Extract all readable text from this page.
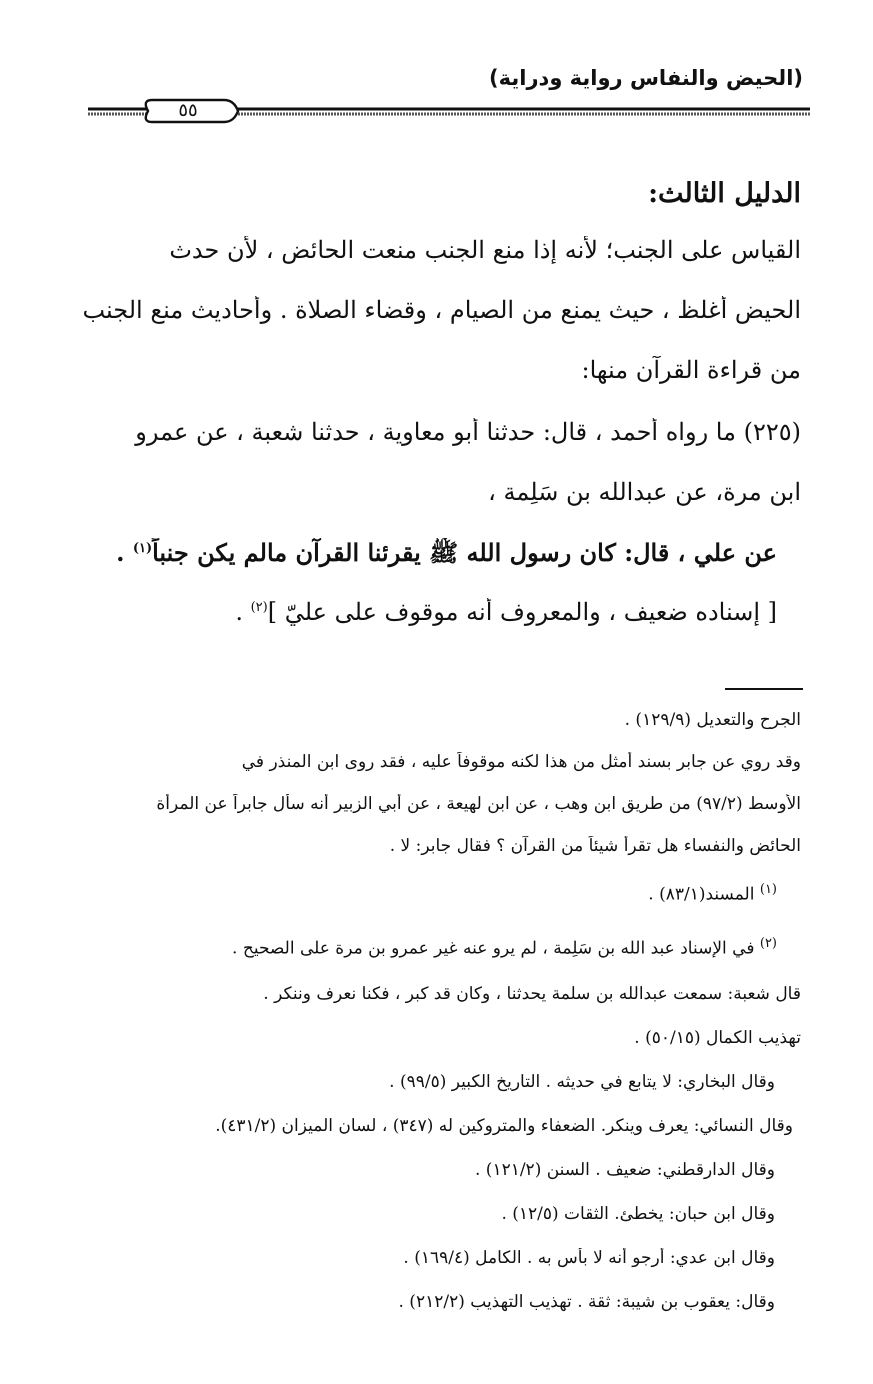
(الحيض والنفاس رواية ودراية)
٥٥
الدليل الثالث:
القياس على الجنب؛ لأنه إذا منع الجنب منعت الحائض ، لأن حدث
الحيض أغلظ ، حيث يمنع من الصيام ، وقضاء الصلاة . وأحاديث منع الجنب
من قراءة القرآن منها:
(٢٢٥) ما رواه أحمد ، قال: حدثنا أبو معاوية ، حدثنا شعبة ، عن عمرو
ابن مرة، عن عبدالله بن سَلِمة ،
عن علي ، قال: كان رسول الله ﷺ يقرئنا القرآن مالم يكن جنباً$^{(١)}$ .
[ إسناده ضعيف ، والمعروف أنه موقوف على عليّ ]$^{(٢)}$ .
الجرح والتعديل (١٢٩/٩) .
وقد روي عن جابر بسند أمثل من هذا لكنه موقوفاً عليه ، فقد روى ابن المنذر في
الأوسط (٩٧/٢) من طريق ابن وهب ، عن ابن لهيعة ، عن أبي الزبير أنه سأل جابراً عن المرأة
الحائض والنفساء هل تقرأ شيئاً من القرآن ؟ فقال جابر: لا .
$^{(١)}$ المسند(٨٣/١) .
$^{(٢)}$ في الإسناد عبد الله بن سَلِمة ، لم يرو عنه غير عمرو بن مرة على الصحيح .
قال شعبة: سمعت عبدالله بن سلمة يحدثنا ، وكان قد كبر ، فكنا نعرف وننكر .
تهذيب الكمال (٥٠/١٥) .
وقال البخاري: لا يتابع في حديثه . التاريخ الكبير (٩٩/٥) .
وقال النسائي: يعرف وينكر. الضعفاء والمتروكين له (٣٤٧) ، لسان الميزان (٤٣١/٢).
وقال الدارقطني: ضعيف . السنن (١٢١/٢) .
وقال ابن حبان: يخطئ. الثقات (١٢/٥) .
وقال ابن عدي: أرجو أنه لا بأس به . الكامل (١٦٩/٤) .
وقال: يعقوب بن شيبة: ثقة . تهذيب التهذيب (٢١٢/٢) .
